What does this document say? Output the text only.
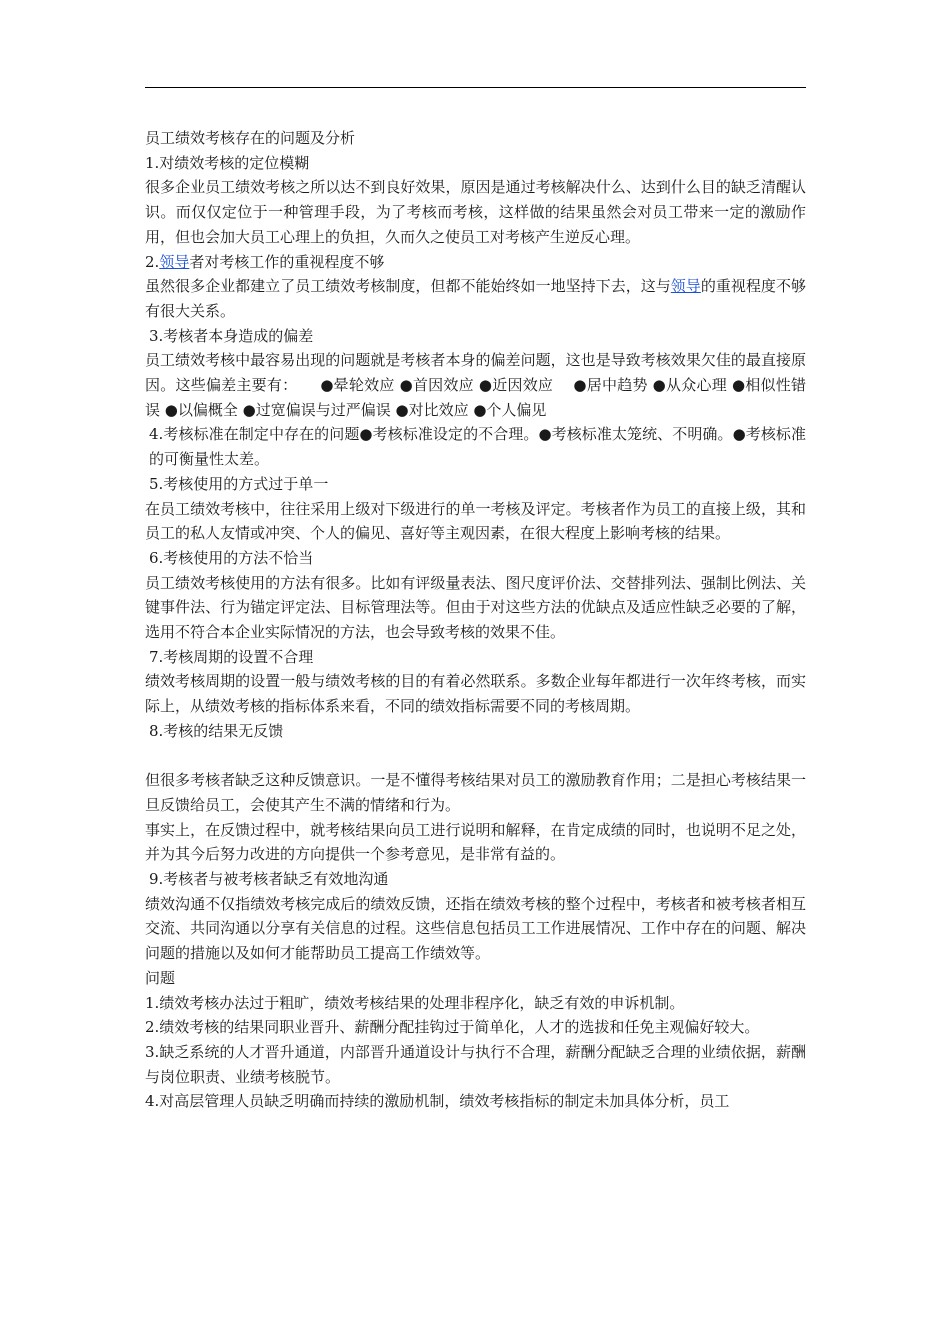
员工绩效考核存在的问题及分析

1.对绩效考核的定位模糊

很多企业员工绩效考核之所以达不到良好效果，原因是通过考核解决什么、达到什么目的缺乏清醒认识。而仅仅定位于一种管理手段，为了考核而考核，这样做的结果虽然会对员工带来一定的激励作用，但也会加大员工心理上的负担，久而久之使员工对考核产生逆反心理。

2.领导者对考核工作的重视程度不够

虽然很多企业都建立了员工绩效考核制度，但都不能始终如一地坚持下去，这与领导的重视程度不够有很大关系。

3.考核者本身造成的偏差

员工绩效考核中最容易出现的问题就是考核者本身的偏差问题，这也是导致考核效果欠佳的最直接原因。这些偏差主要有：　　●晕轮效应 ●首因效应 ●近因效应 　●居中趋势 ●从众心理 ●相似性错误 ●以偏概全 ●过宽偏误与过严偏误 ●对比效应 ●个人偏见

4.考核标准在制定中存在的问题●考核标准设定的不合理。●考核标准太笼统、不明确。●考核标准的可衡量性太差。

5.考核使用的方式过于单一

在员工绩效考核中，往往采用上级对下级进行的单一考核及评定。考核者作为员工的直接上级，其和员工的私人友情或冲突、个人的偏见、喜好等主观因素，在很大程度上影响考核的结果。

6.考核使用的方法不恰当

员工绩效考核使用的方法有很多。比如有评级量表法、图尺度评价法、交替排列法、强制比例法、关键事件法、行为锚定评定法、目标管理法等。但由于对这些方法的优缺点及适应性缺乏必要的了解，选用不符合本企业实际情况的方法，也会导致考核的效果不佳。

7.考核周期的设置不合理

绩效考核周期的设置一般与绩效考核的目的有着必然联系。多数企业每年都进行一次年终考核，而实际上，从绩效考核的指标体系来看，不同的绩效指标需要不同的考核周期。

8.考核的结果无反馈

但很多考核者缺乏这种反馈意识。一是不懂得考核结果对员工的激励教育作用；二是担心考核结果一旦反馈给员工，会使其产生不满的情绪和行为。

事实上，在反馈过程中，就考核结果向员工进行说明和解释，在肯定成绩的同时，也说明不足之处，并为其今后努力改进的方向提供一个参考意见，是非常有益的。

9.考核者与被考核者缺乏有效地沟通

绩效沟通不仅指绩效考核完成后的绩效反馈，还指在绩效考核的整个过程中，考核者和被考核者相互交流、共同沟通以分享有关信息的过程。这些信息包括员工工作进展情况、工作中存在的问题、解决问题的措施以及如何才能帮助员工提高工作绩效等。

问题

1.绩效考核办法过于粗旷，绩效考核结果的处理非程序化，缺乏有效的申诉机制。

2.绩效考核的结果同职业晋升、薪酬分配挂钩过于简单化，人才的选拔和任免主观偏好较大。

3.缺乏系统的人才晋升通道，内部晋升通道设计与执行不合理，薪酬分配缺乏合理的业绩依据，薪酬与岗位职责、业绩考核脱节。

4.对高层管理人员缺乏明确而持续的激励机制，绩效考核指标的制定未加具体分析，员工
